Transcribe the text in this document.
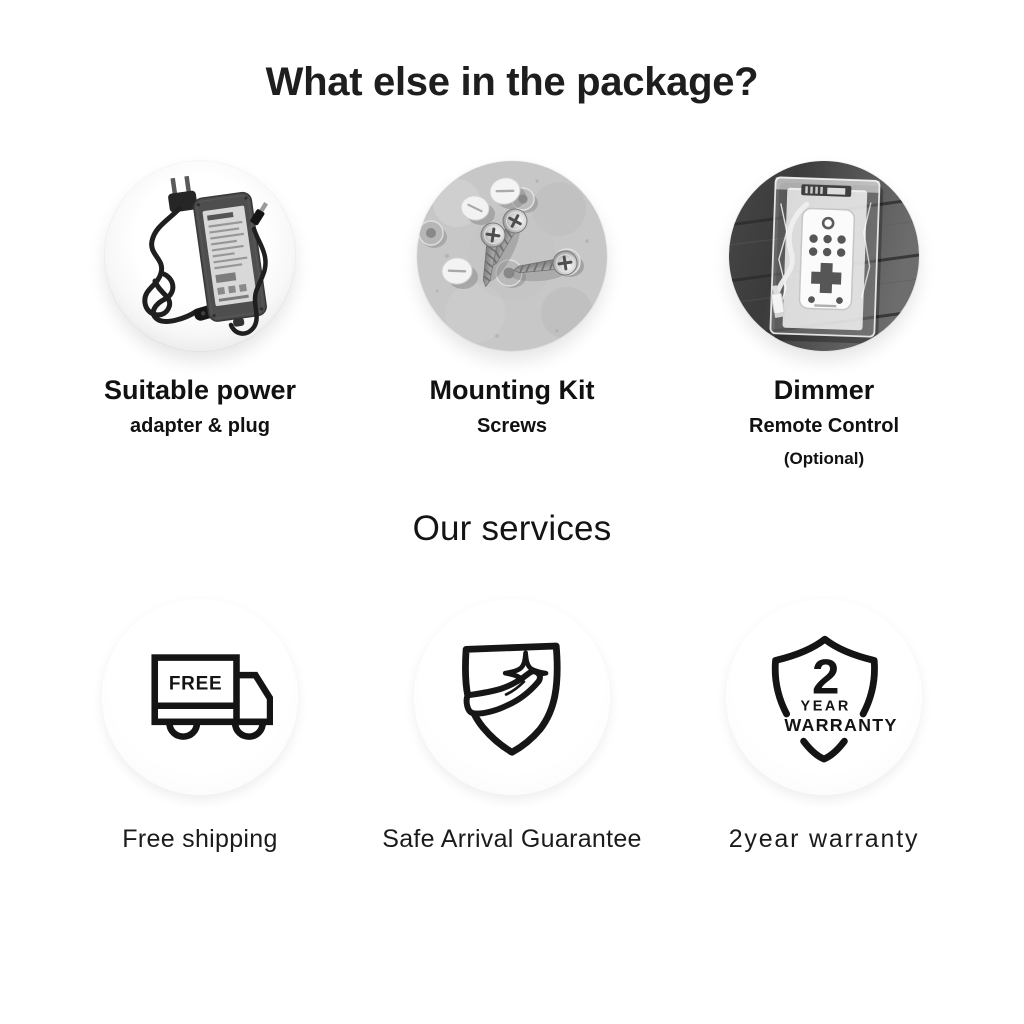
What else in the package?
Suitable power
adapter & plug
Mounting Kit
Screws
Dimmer
Remote Control
(Optional)
Our services
FREE
Free shipping	Safe Arrival Guarantee
2
YEAR
WARRANTY
2year warranty
